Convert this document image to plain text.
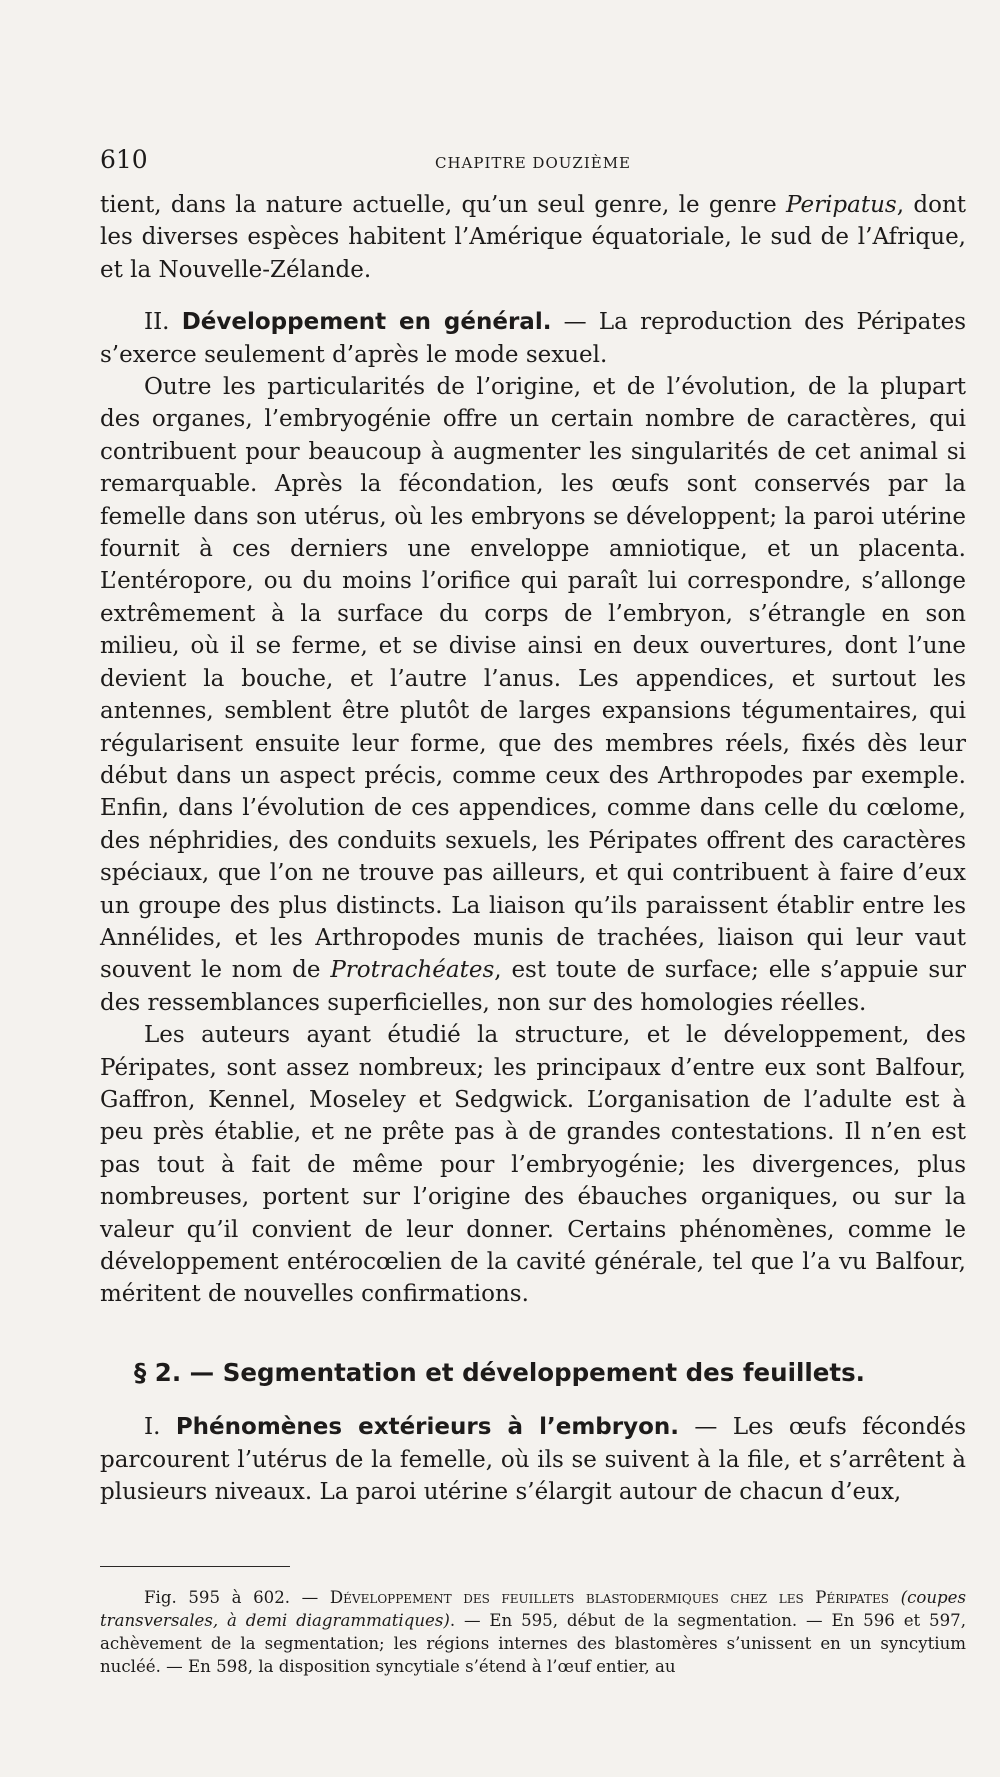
610	CHAPITRE DOUZIÈME

tient, dans la nature actuelle, qu’un seul genre, le genre Peripatus, dont les diverses espèces habitent l’Amérique équatoriale, le sud de l’Afrique, et la Nouvelle-Zélande.

II. Développement en général. — La reproduction des Péripates s’exerce seulement d’après le mode sexuel.

Outre les particularités de l’origine, et de l’évolution, de la plupart des organes, l’embryogénie offre un certain nombre de caractères, qui contribuent pour beaucoup à augmenter les singularités de cet animal si remarquable. Après la fécondation, les œufs sont conservés par la femelle dans son utérus, où les embryons se développent; la paroi utérine fournit à ces derniers une enveloppe amniotique, et un placenta. L’entéropore, ou du moins l’orifice qui paraît lui correspondre, s’allonge extrêmement à la surface du corps de l’embryon, s’étrangle en son milieu, où il se ferme, et se divise ainsi en deux ouvertures, dont l’une devient la bouche, et l’autre l’anus. Les appendices, et surtout les antennes, semblent être plutôt de larges expansions tégumentaires, qui régularisent ensuite leur forme, que des membres réels, fixés dès leur début dans un aspect précis, comme ceux des Arthropodes par exemple. Enfin, dans l’évolution de ces appendices, comme dans celle du cœlome, des néphridies, des conduits sexuels, les Péripates offrent des caractères spéciaux, que l’on ne trouve pas ailleurs, et qui contribuent à faire d’eux un groupe des plus distincts. La liaison qu’ils paraissent établir entre les Annélides, et les Arthropodes munis de trachées, liaison qui leur vaut souvent le nom de Protrachéates, est toute de surface; elle s’appuie sur des ressemblances superficielles, non sur des homologies réelles.

Les auteurs ayant étudié la structure, et le développement, des Péripates, sont assez nombreux; les principaux d’entre eux sont Balfour, Gaffron, Kennel, Moseley et Sedgwick. L’organisation de l’adulte est à peu près établie, et ne prête pas à de grandes contestations. Il n’en est pas tout à fait de même pour l’embryogénie; les divergences, plus nombreuses, portent sur l’origine des ébauches organiques, ou sur la valeur qu’il convient de leur donner. Certains phénomènes, comme le développement entérocœlien de la cavité générale, tel que l’a vu Balfour, méritent de nouvelles confirmations.

§ 2. — Segmentation et développement des feuillets.

I. Phénomènes extérieurs à l’embryon. — Les œufs fécondés parcourent l’utérus de la femelle, où ils se suivent à la file, et s’arrêtent à plusieurs niveaux. La paroi utérine s’élargit autour de chacun d’eux,

Fig. 595 à 602. — Développement des feuillets blastodermiques chez les Péripates (coupes transversales, à demi diagrammatiques). — En 595, début de la segmentation. — En 596 et 597, achèvement de la segmentation; les régions internes des blastomères s’unissent en un syncytium nucléé. — En 598, la disposition syncytiale s’étend à l’œuf entier, au
